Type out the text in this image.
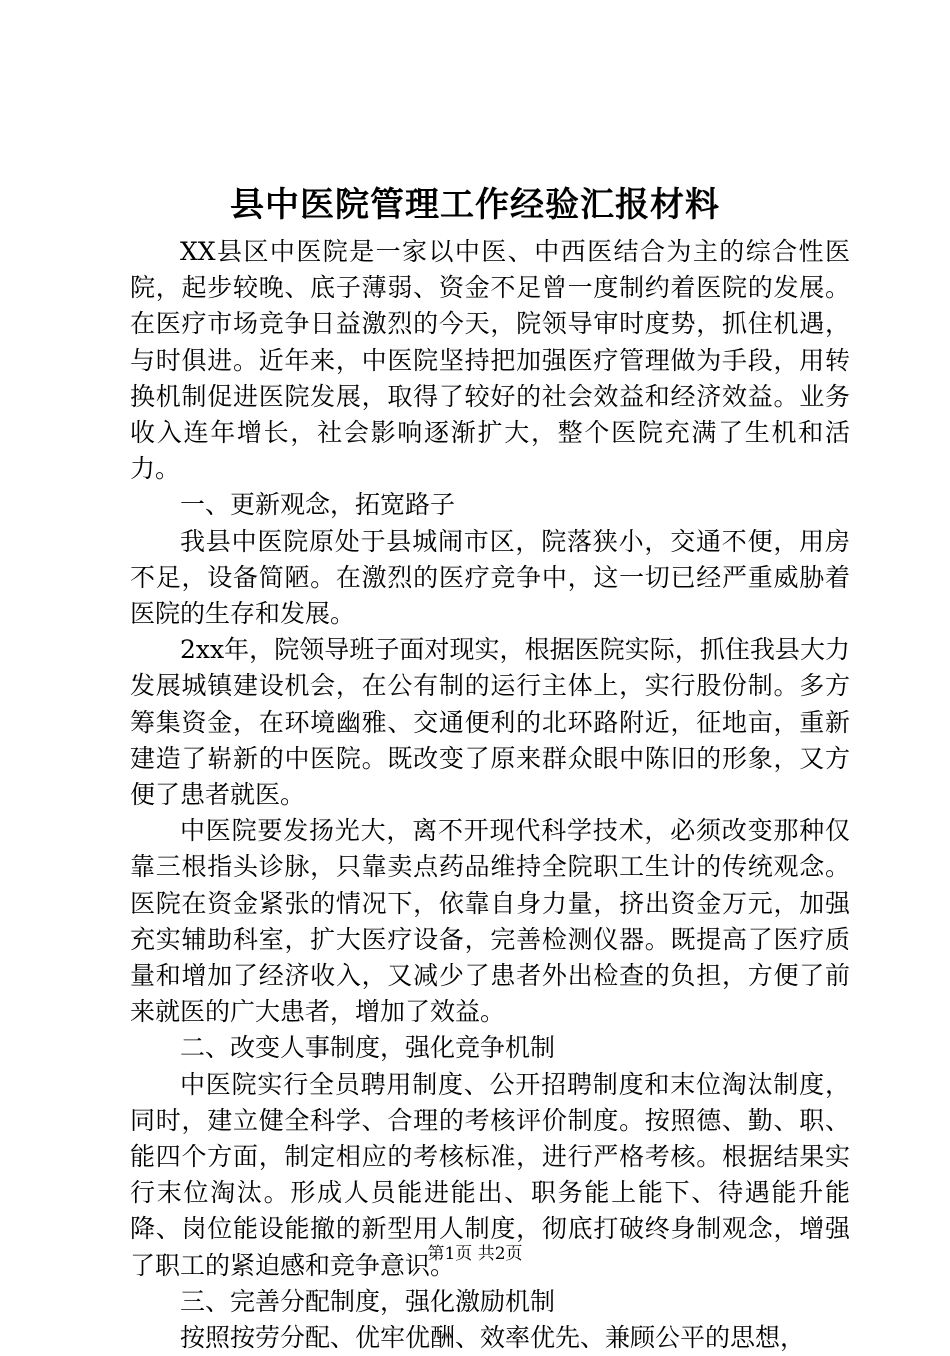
县中医院管理工作经验汇报材料

XX县区中医院是一家以中医、中西医结合为主的综合性医院，起步较晚、底子薄弱、资金不足曾一度制约着医院的发展。在医疗市场竞争日益激烈的今天，院领导审时度势，抓住机遇，与时俱进。近年来，中医院坚持把加强医疗管理做为手段，用转换机制促进医院发展，取得了较好的社会效益和经济效益。业务收入连年增长，社会影响逐渐扩大，整个医院充满了生机和活力。

一、更新观念，拓宽路子

我县中医院原处于县城闹市区，院落狭小，交通不便，用房不足，设备简陋。在激烈的医疗竞争中，这一切已经严重威胁着医院的生存和发展。

2xx年，院领导班子面对现实，根据医院实际，抓住我县大力发展城镇建设机会，在公有制的运行主体上，实行股份制。多方筹集资金，在环境幽雅、交通便利的北环路附近，征地亩，重新建造了崭新的中医院。既改变了原来群众眼中陈旧的形象，又方便了患者就医。

中医院要发扬光大，离不开现代科学技术，必须改变那种仅靠三根指头诊脉，只靠卖点药品维持全院职工生计的传统观念。医院在资金紧张的情况下，依靠自身力量，挤出资金万元，加强充实辅助科室，扩大医疗设备，完善检测仪器。既提高了医疗质量和增加了经济收入，又减少了患者外出检查的负担，方便了前来就医的广大患者，增加了效益。

二、改变人事制度，强化竞争机制

中医院实行全员聘用制度、公开招聘制度和末位淘汰制度，同时，建立健全科学、合理的考核评价制度。按照德、勤、职、能四个方面，制定相应的考核标准，进行严格考核。根据结果实行末位淘汰。形成人员能进能出、职务能上能下、待遇能升能降、岗位能设能撤的新型用人制度，彻底打破终身制观念，增强了职工的紧迫感和竞争意识。

三、完善分配制度，强化激励机制

按照按劳分配、优牢优酬、效率优先、兼顾公平的思想，

第1页 共2页
